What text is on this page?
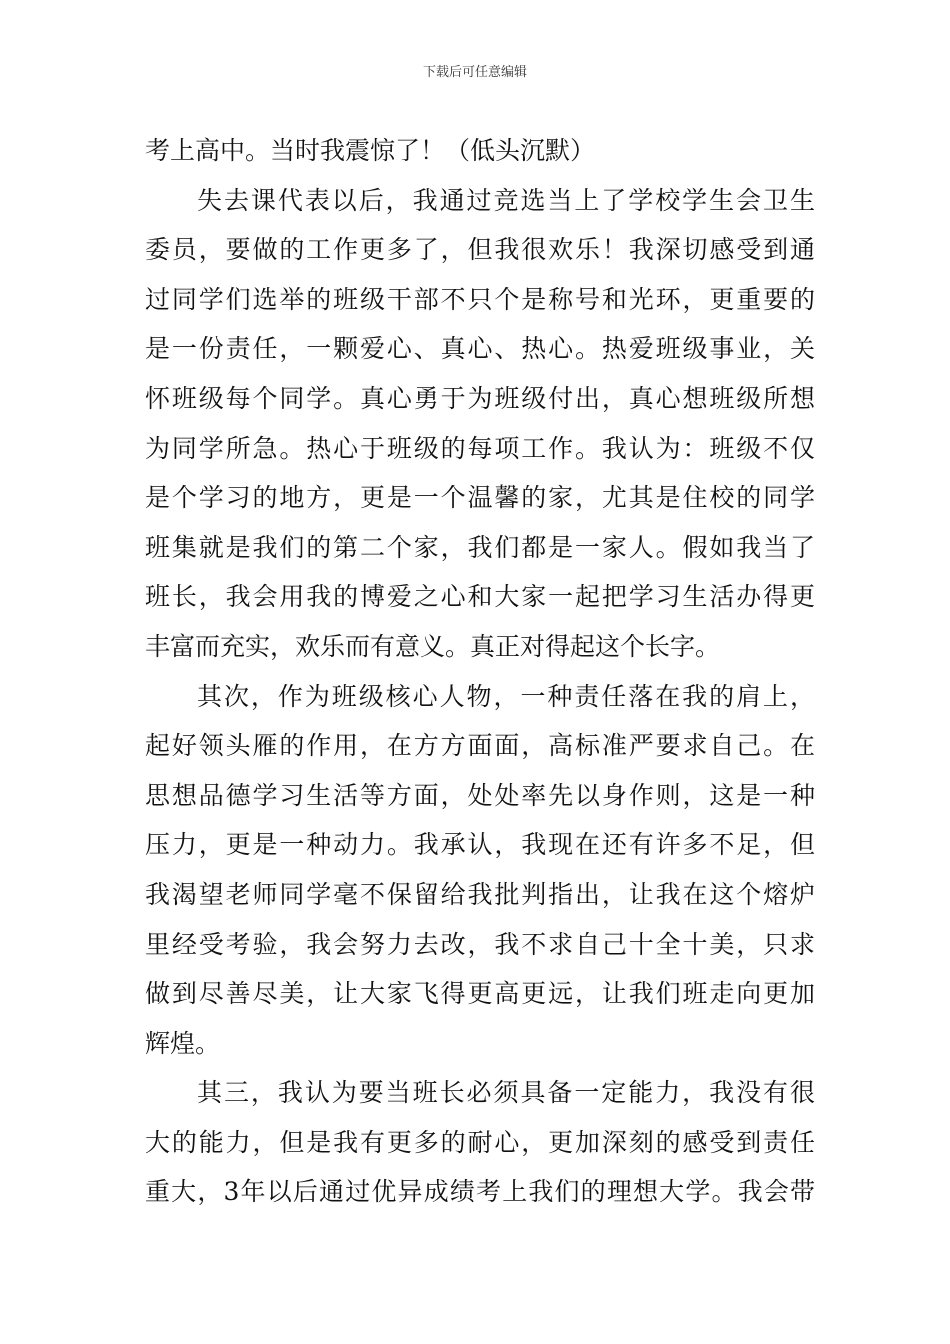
下载后可任意编辑
考上高中。当时我震惊了！（低头沉默）
失去课代表以后，我通过竞选当上了学校学生会卫生
委员，要做的工作更多了，但我很欢乐！我深切感受到通
过同学们选举的班级干部不只个是称号和光环，更重要的
是一份责任，一颗爱心、真心、热心。热爱班级事业，关
怀班级每个同学。真心勇于为班级付出，真心想班级所想
为同学所急。热心于班级的每项工作。我认为：班级不仅
是个学习的地方，更是一个温馨的家，尤其是住校的同学
班集就是我们的第二个家，我们都是一家人。假如我当了
班长，我会用我的博爱之心和大家一起把学习生活办得更
丰富而充实，欢乐而有意义。真正对得起这个长字。
其次，作为班级核心人物，一种责任落在我的肩上，
起好领头雁的作用，在方方面面，高标准严要求自己。在
思想品德学习生活等方面，处处率先以身作则，这是一种
压力，更是一种动力。我承认，我现在还有许多不足，但
我渴望老师同学毫不保留给我批判指出，让我在这个熔炉
里经受考验，我会努力去改，我不求自己十全十美，只求
做到尽善尽美，让大家飞得更高更远，让我们班走向更加
辉煌。
其三，我认为要当班长必须具备一定能力，我没有很
大的能力，但是我有更多的耐心，更加深刻的感受到责任
重大，3年以后通过优异成绩考上我们的理想大学。我会带
